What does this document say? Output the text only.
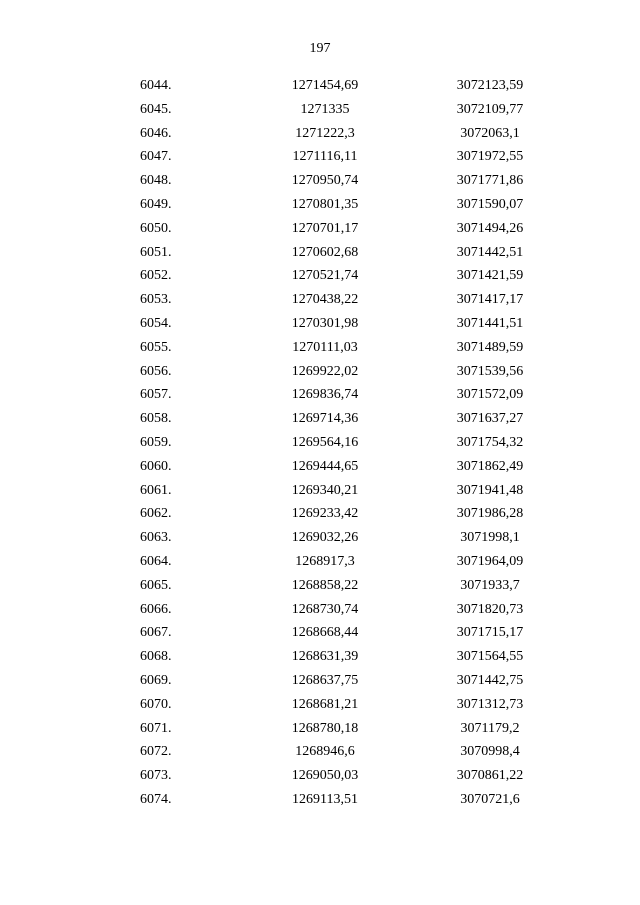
197
6044.	1271454,69	3072123,59
6045.	1271335	3072109,77
6046.	1271222,3	3072063,1
6047.	1271116,11	3071972,55
6048.	1270950,74	3071771,86
6049.	1270801,35	3071590,07
6050.	1270701,17	3071494,26
6051.	1270602,68	3071442,51
6052.	1270521,74	3071421,59
6053.	1270438,22	3071417,17
6054.	1270301,98	3071441,51
6055.	1270111,03	3071489,59
6056.	1269922,02	3071539,56
6057.	1269836,74	3071572,09
6058.	1269714,36	3071637,27
6059.	1269564,16	3071754,32
6060.	1269444,65	3071862,49
6061.	1269340,21	3071941,48
6062.	1269233,42	3071986,28
6063.	1269032,26	3071998,1
6064.	1268917,3	3071964,09
6065.	1268858,22	3071933,7
6066.	1268730,74	3071820,73
6067.	1268668,44	3071715,17
6068.	1268631,39	3071564,55
6069.	1268637,75	3071442,75
6070.	1268681,21	3071312,73
6071.	1268780,18	3071179,2
6072.	1268946,6	3070998,4
6073.	1269050,03	3070861,22
6074.	1269113,51	3070721,6
